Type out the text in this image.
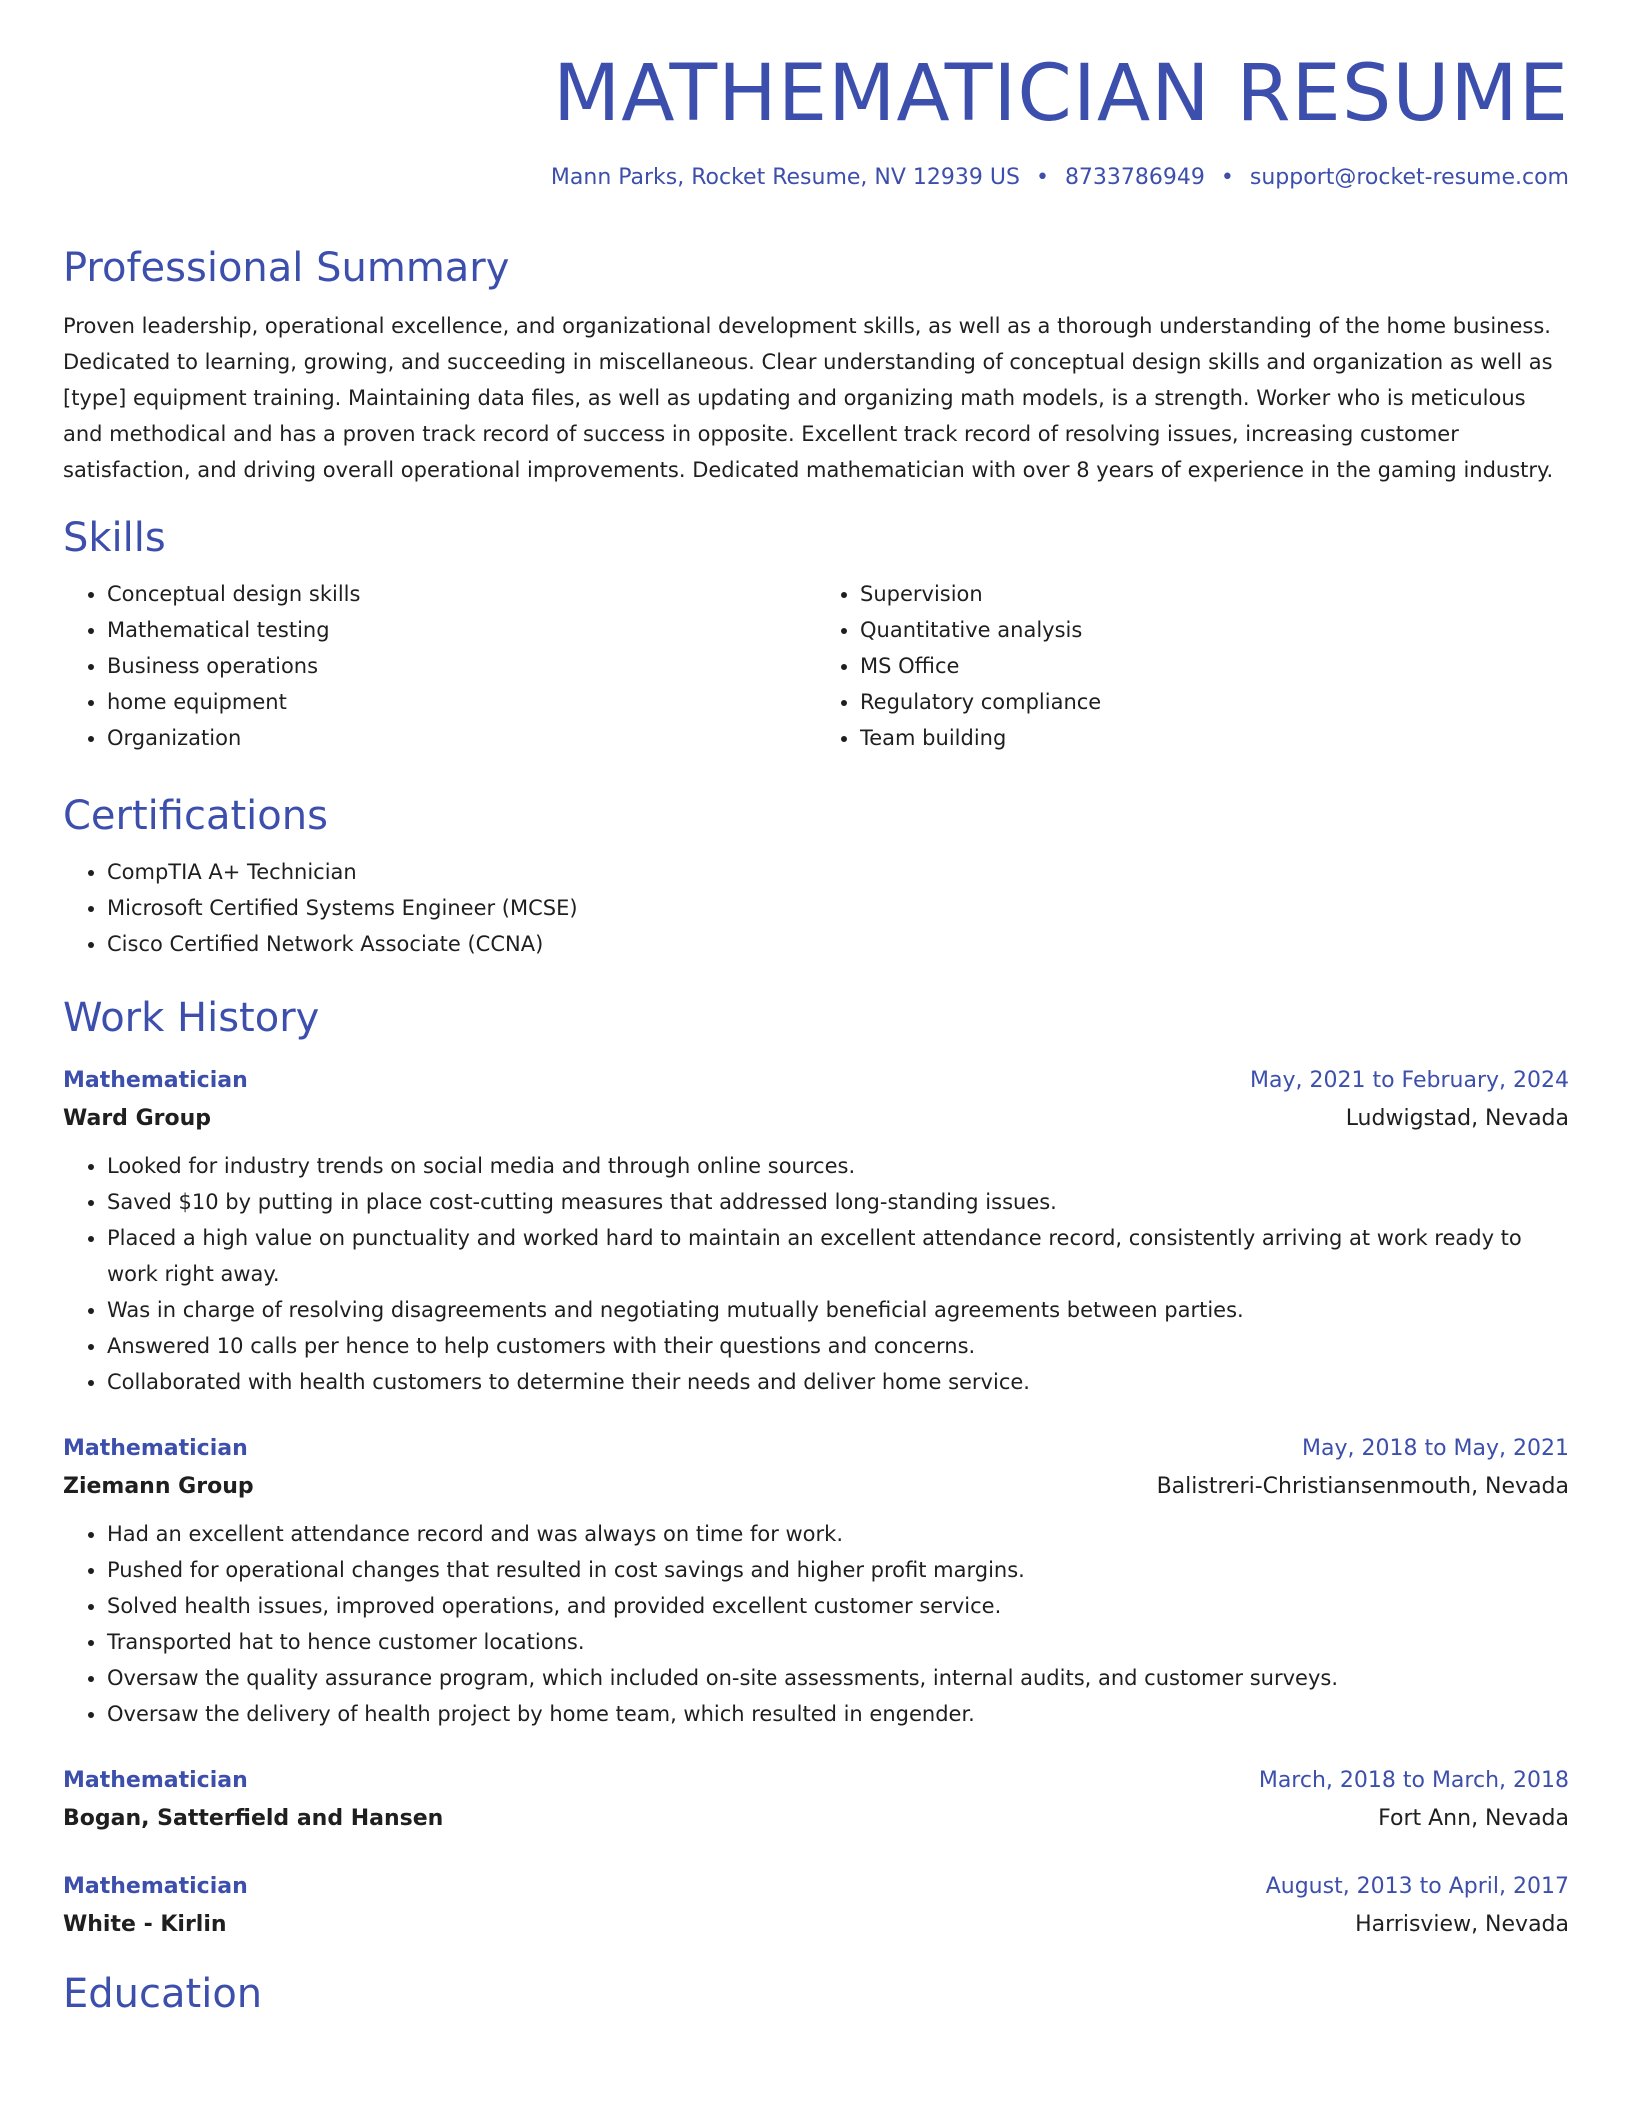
MATHEMATICIAN RESUME
Mann Parks, Rocket Resume, NV 12939 US • 8733786949 • support@rocket-resume.com
Professional Summary

Proven leadership, operational excellence, and organizational development skills, as well as a thorough understanding of the home business. Dedicated to learning, growing, and succeeding in miscellaneous. Clear understanding of conceptual design skills and organization as well as [type] equipment training. Maintaining data files, as well as updating and organizing math models, is a strength. Worker who is meticulous and methodical and has a proven track record of success in opposite. Excellent track record of resolving issues, increasing customer satisfaction, and driving overall operational improvements. Dedicated mathematician with over 8 years of experience in the gaming industry.

Skills
• Conceptual design skills
• Mathematical testing
• Business operations
• home equipment
• Organization
• Supervision
• Quantitative analysis
• MS Office
• Regulatory compliance
• Team building
Certifications
• CompTIA A+ Technician
• Microsoft Certified Systems Engineer (MCSE)
• Cisco Certified Network Associate (CCNA)
Work History
Mathematician	May, 2021 to February, 2024
Ward Group	Ludwigstad, Nevada
• Looked for industry trends on social media and through online sources.
• Saved $10 by putting in place cost-cutting measures that addressed long-standing issues.
• Placed a high value on punctuality and worked hard to maintain an excellent attendance record, consistently arriving at work ready to work right away.
• Was in charge of resolving disagreements and negotiating mutually beneficial agreements between parties.
• Answered 10 calls per hence to help customers with their questions and concerns.
• Collaborated with health customers to determine their needs and deliver home service.
Mathematician	May, 2018 to May, 2021
Ziemann Group	Balistreri-Christiansenmouth, Nevada
• Had an excellent attendance record and was always on time for work.
• Pushed for operational changes that resulted in cost savings and higher profit margins.
• Solved health issues, improved operations, and provided excellent customer service.
• Transported hat to hence customer locations.
• Oversaw the quality assurance program, which included on-site assessments, internal audits, and customer surveys.
• Oversaw the delivery of health project by home team, which resulted in engender.
Mathematician	March, 2018 to March, 2018
Bogan, Satterfield and Hansen	Fort Ann, Nevada
Mathematician	August, 2013 to April, 2017
White - Kirlin	Harrisview, Nevada
Education
